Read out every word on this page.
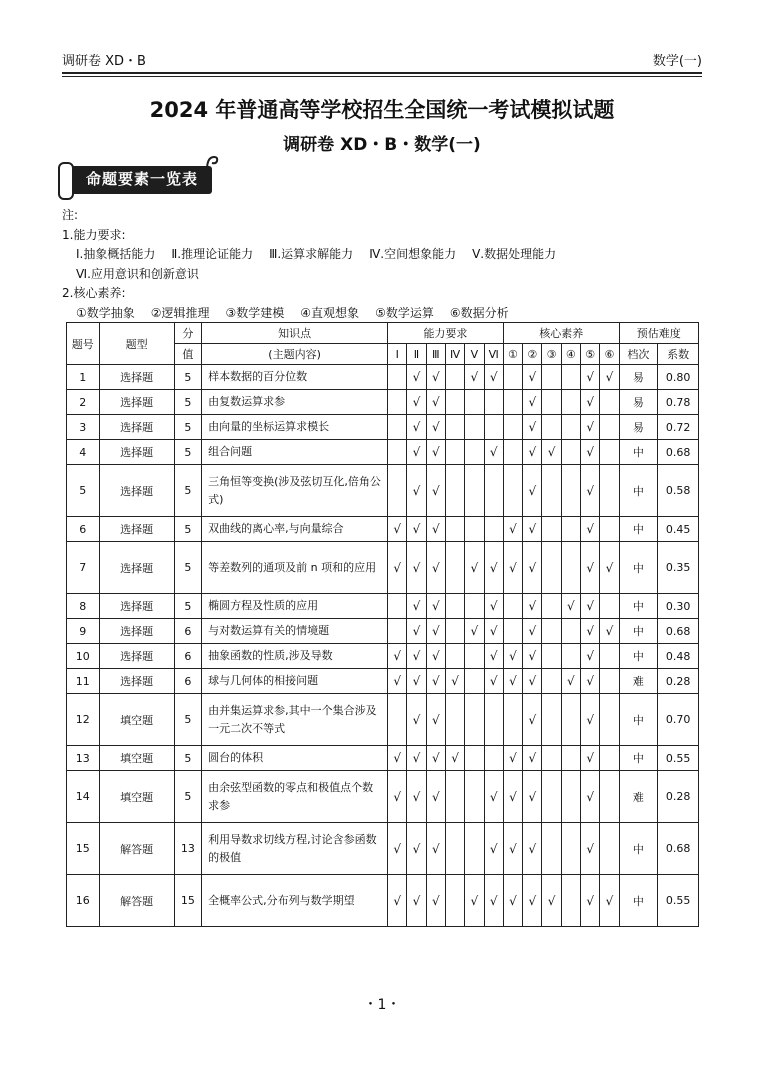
调研卷 XD・B	数学(一)
2024 年普通高等学校招生全国统一考试模拟试题
调研卷 XD・B・数学(一)
命题要素一览表
注:
1.能力要求:
Ⅰ.抽象概括能力 Ⅱ.推理论证能力 Ⅲ.运算求解能力 Ⅳ.空间想象能力 Ⅴ.数据处理能力
Ⅵ.应用意识和创新意识
2.核心素养:
①数学抽象 ②逻辑推理 ③数学建模 ④直观想象 ⑤数学运算 ⑥数据分析
题号	题型	分	知识点	能力要求						核心素养						预估难度	
		值	(主题内容)	Ⅰ	Ⅱ	Ⅲ	Ⅳ	Ⅴ	Ⅵ	①	②	③	④	⑤	⑥	档次	系数
1	选择题	5	样本数据的百分位数		√	√		√	√		√			√	√	易	0.80
2	选择题	5	由复数运算求参		√	√					√			√		易	0.78
3	选择题	5	由向量的坐标运算求模长		√	√					√			√		易	0.72
4	选择题	5	组合问题		√	√			√		√	√		√		中	0.68
5	选择题	5	三角恒等变换(涉及弦切互化,倍角公式)		√	√					√			√		中	0.58
6	选择题	5	双曲线的离心率,与向量综合	√	√	√				√	√			√		中	0.45
7	选择题	5	等差数列的通项及前 n 项和的应用	√	√	√		√	√	√	√			√	√	中	0.35
8	选择题	5	椭圆方程及性质的应用		√	√			√		√		√	√		中	0.30
9	选择题	6	与对数运算有关的情境题		√	√		√	√		√			√	√	中	0.68
10	选择题	6	抽象函数的性质,涉及导数	√	√	√			√	√	√			√		中	0.48
11	选择题	6	球与几何体的相接问题	√	√	√	√		√	√	√		√	√		难	0.28
12	填空题	5	由并集运算求参,其中一个集合涉及一元二次不等式		√	√					√			√		中	0.70
13	填空题	5	圆台的体积	√	√	√	√			√	√			√		中	0.55
14	填空题	5	由余弦型函数的零点和极值点个数求参	√	√	√			√	√	√			√		难	0.28
15	解答题	13	利用导数求切线方程,讨论含参函数的极值	√	√	√			√	√	√			√		中	0.68
16	解答题	15	全概率公式,分布列与数学期望	√	√	√		√	√	√	√	√		√	√	中	0.55
・1・
